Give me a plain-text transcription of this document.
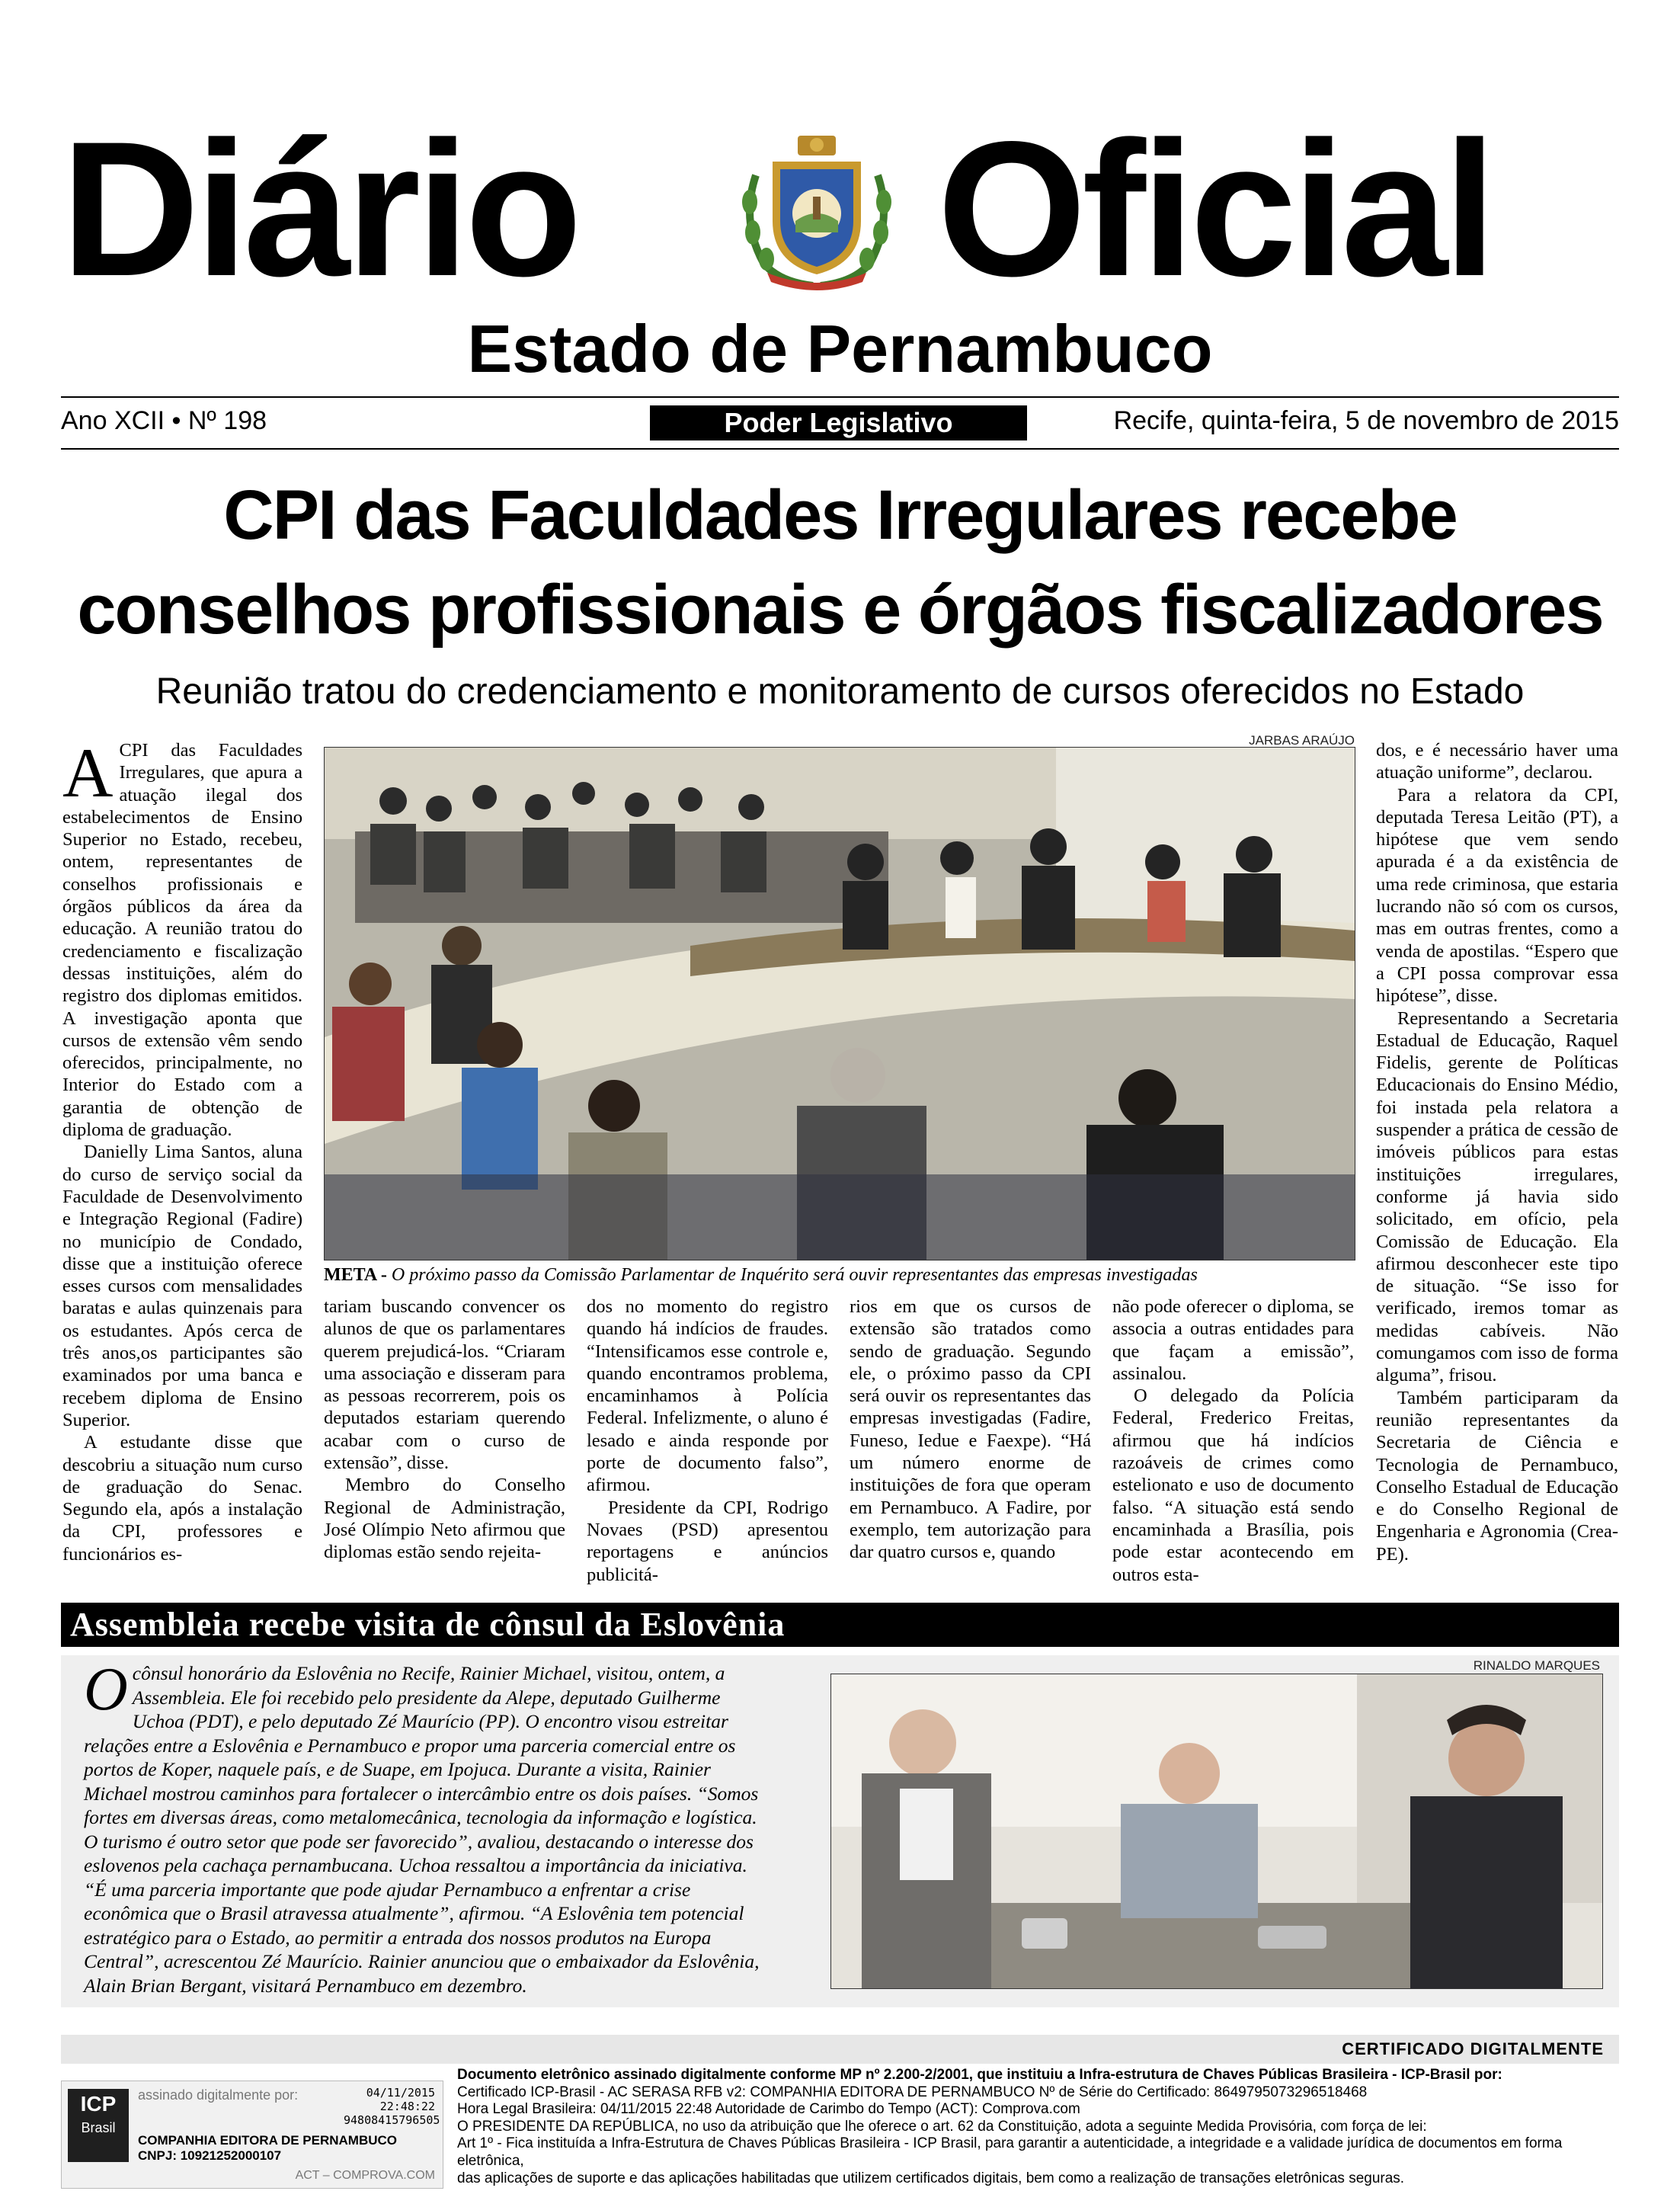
Diário Oficial
Estado de Pernambuco
Ano XCII • Nº 198	Poder Legislativo	Recife, quinta-feira, 5 de novembro de 2015
CPI das Faculdades Irregulares recebe
conselhos profissionais e órgãos fiscalizadores
Reunião tratou do credenciamento e monitoramento de cursos oferecidos no Estado

ACPI das Faculdades Irregulares, que apura a atuação ilegal dos estabelecimentos de Ensino Superior no Estado, recebeu, ontem, representantes de conselhos profissionais e órgãos públicos da área da educação. A reunião tratou do credenciamento e fiscalização dessas instituições, além do registro dos diplomas emitidos. A investigação aponta que cursos de extensão vêm sendo oferecidos, principalmente, no Interior do Estado com a garantia de obtenção de diploma de graduação.

Danielly Lima Santos, aluna do curso de serviço social da Faculdade de Desenvolvimento e Integração Regional (Fadire) no município de Condado, disse que a instituição oferece esses cursos com mensalidades baratas e aulas quinzenais para os estudantes. Após cerca de três anos,os participantes são examinados por uma banca e recebem diploma de Ensino Superior.

A estudante disse que descobriu a situação num curso de graduação do Senac. Segundo ela, após a instalação da CPI, professores e funcionários es-

JARBAS ARAÚJO
META - O próximo passo da Comissão Parlamentar de Inquérito será ouvir representantes das empresas investigadas

tariam buscando convencer os alunos de que os parlamentares querem prejudicá-los. “Criaram uma associação e disseram para as pessoas recorrerem, pois os deputados estariam querendo acabar com o curso de extensão”, disse.

Membro do Conselho Regional de Administração, José Olímpio Neto afirmou que diplomas estão sendo rejeita-

dos no momento do registro quando há indícios de fraudes. “Intensificamos esse controle e, quando encontramos problema, encaminhamos à Polícia Federal. Infelizmente, o aluno é lesado e ainda responde por porte de documento falso”, afirmou.

Presidente da CPI, Rodrigo Novaes (PSD) apresentou reportagens e anúncios publicitá-

rios em que os cursos de extensão são tratados como sendo de graduação. Segundo ele, o próximo passo da CPI será ouvir os representantes das empresas investigadas (Fadire, Funeso, Iedue e Faexpe). “Há um número enorme de instituições de fora que operam em Pernambuco. A Fadire, por exemplo, tem autorização para dar quatro cursos e, quando

não pode oferecer o diploma, se associa a outras entidades para que façam a emissão”, assinalou.

O delegado da Polícia Federal, Frederico Freitas, afirmou que há indícios razoáveis de crimes como estelionato e uso de documento falso. “A situação está sendo encaminhada a Brasília, pois pode estar acontecendo em outros esta-

dos, e é necessário haver uma atuação uniforme”, declarou.

Para a relatora da CPI, deputada Teresa Leitão (PT), a hipótese que vem sendo apurada é a da existência de uma rede criminosa, que estaria lucrando não só com os cursos, mas em outras frentes, como a venda de apostilas. “Espero que a CPI possa comprovar essa hipótese”, disse.

Representando a Secretaria Estadual de Educação, Raquel Fidelis, gerente de Políticas Educacionais do Ensino Médio, foi instada pela relatora a suspender a prática de cessão de imóveis públicos para estas instituições irregulares, conforme já havia sido solicitado, em ofício, pela Comissão de Educação. Ela afirmou desconhecer este tipo de situação. “Se isso for verificado, iremos tomar as medidas cabíveis. Não comungamos com isso de forma alguma”, frisou.

Também participaram da reunião representantes da Secretaria de Ciência e Tecnologia de Pernambuco, Conselho Estadual de Educação e do Conselho Regional de Engenharia e Agronomia (Crea-PE).

Assembleia recebe visita de cônsul da Eslovênia
RINALDO MARQUES
Ocônsul honorário da Eslovênia no Recife, Rainier Michael, visitou, ontem, a Assembleia. Ele foi recebido pelo presidente da Alepe, deputado Guilherme Uchoa (PDT), e pelo deputado Zé Maurício (PP). O encontro visou estreitar relações entre a Eslovênia e Pernambuco e propor uma parceria comercial entre os portos de Koper, naquele país, e de Suape, em Ipojuca. Durante a visita, Rainier Michael mostrou caminhos para fortalecer o intercâmbio entre os dois países. “Somos fortes em diversas áreas, como metalomecânica, tecnologia da informação e logística. O turismo é outro setor que pode ser favorecido”, avaliou, destacando o interesse dos eslovenos pela cachaça pernambucana. Uchoa ressaltou a importância da iniciativa. “É uma parceria importante que pode ajudar Pernambuco a enfrentar a crise econômica que o Brasil atravessa atualmente”, afirmou. “A Eslovênia tem potencial estratégico para o Estado, ao permitir a entrada dos nossos produtos na Europa Central”, acrescentou Zé Maurício. Rainier anunciou que o embaixador da Eslovênia, Alain Brian Bergant, visitará Pernambuco em dezembro.
CERTIFICADO DIGITALMENTE
ICP
Brasil
assinado digitalmente por:	04/11/2015
22:48:22
94808415796505
COMPANHIA EDITORA DE PERNAMBUCO
CNPJ: 10921252000107
ACT – COMPROVA.COM
Documento eletrônico assinado digitalmente conforme MP nº 2.200-2/2001, que instituiu a Infra-estrutura de Chaves Públicas Brasileira - ICP-Brasil por:
Certificado ICP-Brasil - AC SERASA RFB v2: COMPANHIA EDITORA DE PERNAMBUCO Nº de Série do Certificado: 8649795073296518468
Hora Legal Brasileira: 04/11/2015 22:48 Autoridade de Carimbo do Tempo (ACT): Comprova.com
O PRESIDENTE DA REPÚBLICA, no uso da atribuição que lhe oferece o art. 62 da Constituição, adota a seguinte Medida Provisória, com força de lei:
Art 1º - Fica instituída a Infra-Estrutura de Chaves Públicas Brasileira - ICP Brasil, para garantir a autenticidade, a integridade e a validade jurídica de documentos em forma eletrônica,
das aplicações de suporte e das aplicações habilitadas que utilizem certificados digitais, bem como a realização de transações eletrônicas seguras.
